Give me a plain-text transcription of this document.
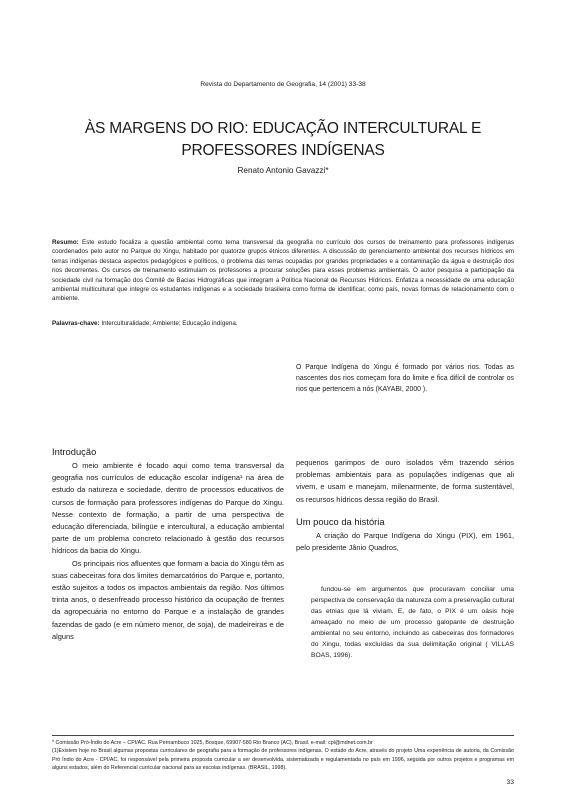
Revista do Departamento de Geografia, 14 (2001) 33-38
ÀS MARGENS DO RIO: EDUCAÇÃO INTERCULTURAL E
PROFESSORES INDÍGENAS
Renato Antonio Gavazzi*
Resumo: Este estudo focaliza a questão ambiental como tema transversal da geografia no currículo dos cursos de treinamento para professores indígenas coordenados pelo autor no Parque do Xingu, habitado por quatorze grupos étnicos diferentes. A discussão do gerenciamento ambiental dos recursos hídricos em terras indígenas destaca aspectos pedagógicos e políticos, o problema das terras ocupadas por grandes propriedades e a contaminação da água e destruição dos rios decorrentes. Os cursos de treinamento estimulam os professores a procurar soluções para esses problemas ambientais. O autor pesquisa a participação da sociedade civil na formação dos Comitê de Bacias Hidrográficas que integram a Política Nacional de Recursos Hídricos. Enfatiza a necessidade de uma educação ambiental multicultural que integre os estudantes indígenas e a sociedade brasileira como forma de identificar, como país, novas formas de relacionamento com o ambiente.
Palavras-chave: Interculturalidade; Ambiente; Educação indígena.
O Parque Indígena do Xingu é formado por vários rios. Todas as nascentes dos rios começam fora do limite e fica difícil de controlar os rios que pertencem a nós (KAYABI, 2000 ).
Introdução

O meio ambiente é focado aqui como tema transversal da geografia nos currículos de educação escolar indígena¹ na área de estudo da natureza e sociedade, dentro de processos educativos de cursos de formação para professores indígenas do Parque do Xingu. Nesse contexto de formação, a partir de uma perspectiva de educação diferenciada, bilíngüe e intercultural, a educação ambiental parte de um problema concreto relacionado à gestão dos recursos hídricos da bacia do Xingu.

Os principais rios afluentes que formam a bacia do Xingu têm as suas cabeceiras fora dos limites demarcatórios do Parque e, portanto, estão sujeitos a todos os impactos ambientais da região. Nos últimos trinta anos, o desenfreado processo histórico da ocupação de frentes da agropecuária no entorno do Parque e a instalação de grandes fazendas de gado (e em número menor, de soja), de madeireiras e de alguns

pequenos garimpos de ouro isolados vêm trazendo sérios problemas ambientais para as populações indígenas que ali vivem, e usam e manejam, milenarmente, de forma sustentável, os recursos hídricos dessa região do Brasil.

Um pouco da história

A criação do Parque Indígena do Xingu (PIX), em 1961, pelo presidente Jânio Quadros,

fundou-se em argumentos que procuravam conciliar uma perspectiva de conservação da natureza com a preservação cultural das etnias que lá viviam. E, de fato, o PIX é um oásis hoje ameaçado no meio de um processo galopante de destruição ambiental no seu entorno, incluindo as cabeceiras dos formadores do Xingu, todas excluídas da sua delimitação original ( VILLAS BOAS, 1996).

* Comissão Pró-Índio do Acre – CPI/AC. Rua Pernambuco 1025, Bosque, 69907-580 Rio Branco (AC), Brasil. e-mail: cpi@mdnet.com.br

(1)Existem hoje no Brasil algumas propostas curriculares de geografia para a formação de professores indígenas. O estado do Acre, através do projeto Uma experiência de autoria, da Comissão Pró Índio do Acre - CPI/AC, foi responsável pela primeira proposta curricular a ser desenvolvida, sistematizada e regulamentada no país em 1996, seguida por outros projetos e programas em alguns estados, além do Referencial curricular nacional para as escolas indígenas. (BRASIL, 1998).

33
